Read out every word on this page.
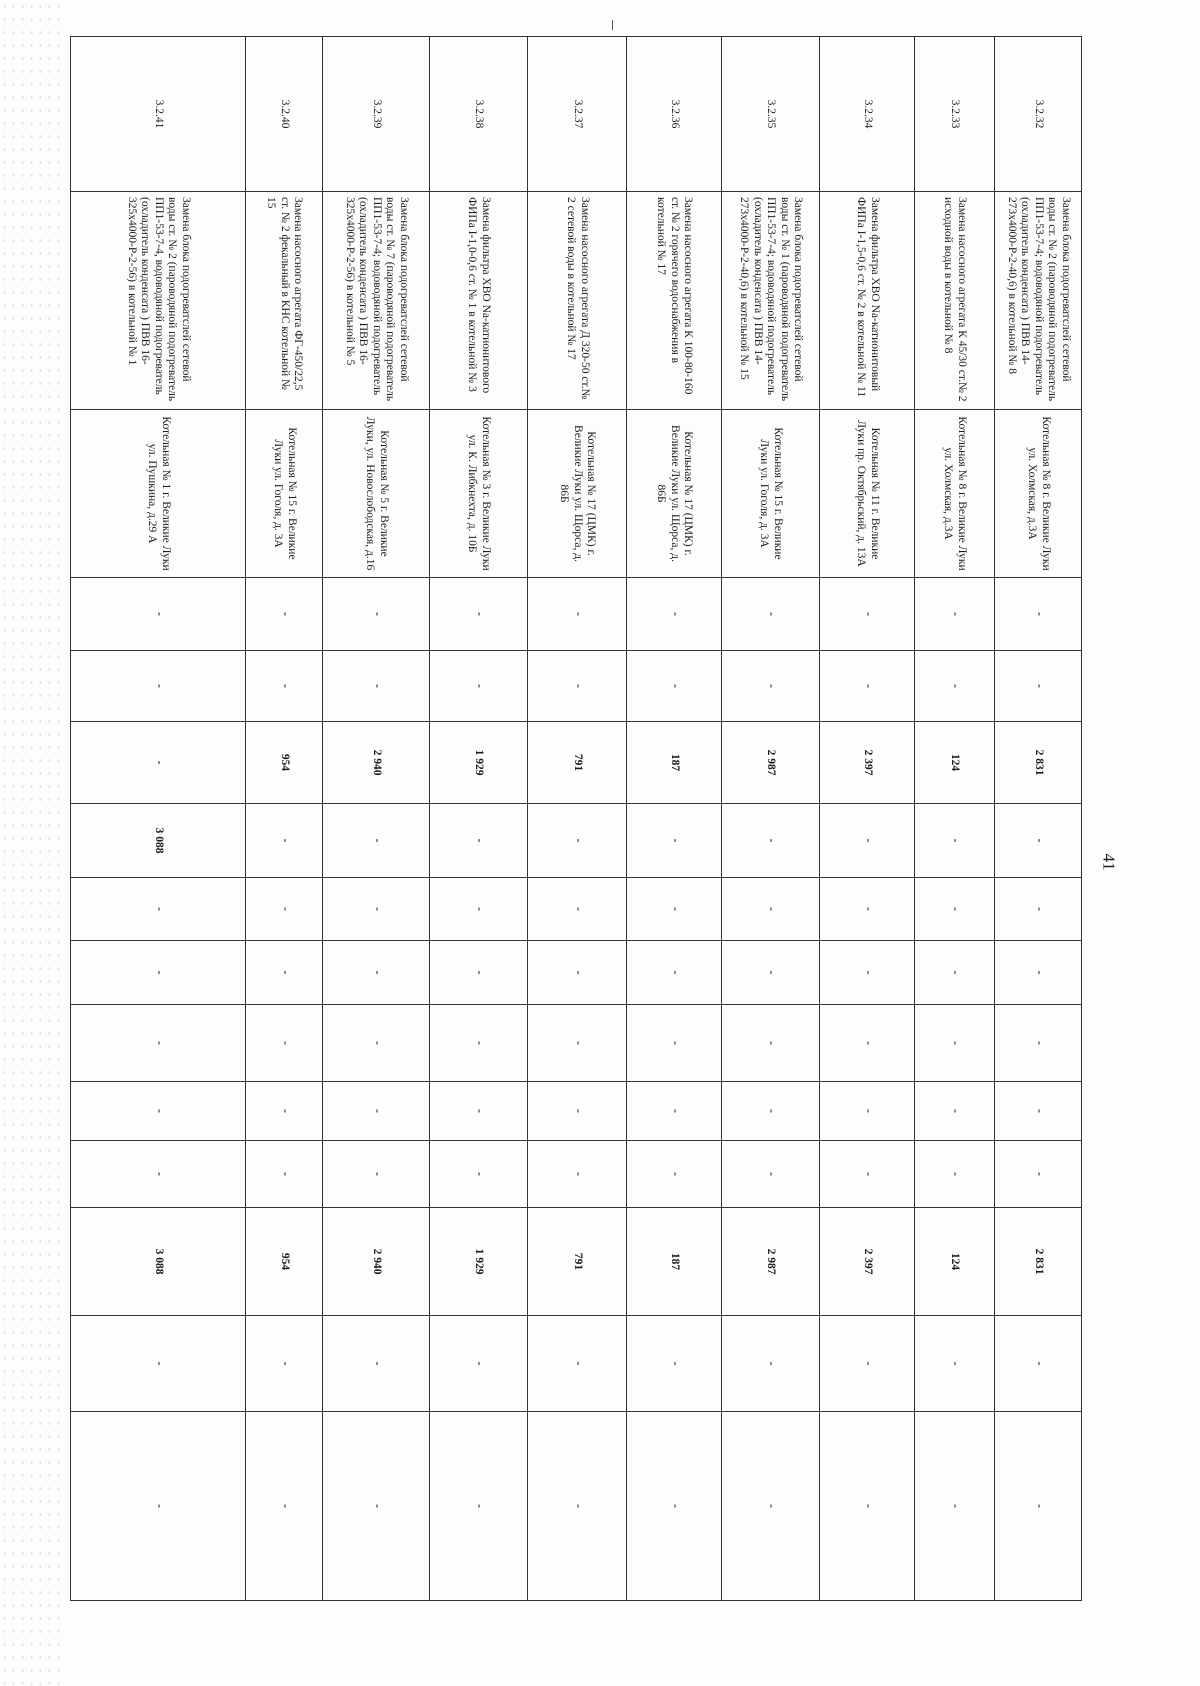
41
3.2.32	Замена блока подогреватслей сетевой воды ст. № 2 (пароводяной подогреватель ПП1-53-7-4; водоводяной подогреватель (охладитель конденсата ) ПВВ 14- 273х4000-Р-2-40,6) в котельной № 8	Котельная № 8 г. Великие Луки ул. Холмская, д.3А	-	-	2 831	-	-	-	-	-	-	2 831	-	-
3.2.33	Замена насосного агрегата К 45/30 ст.№ 2 исходной воды в котельной № 8	Котельная № 8 г. Великие Луки ул. Холмская, д.3А	-	-	124	-	-	-	-	-	-	124	-	-
3.2.34	Замена фильтра ХВО Na-катионитовый ФИПа I-1,5-0,6 ст. № 2 в котельной № 11	Котельная № 11 г. Великие Луки пр. Октябрьский, д. 13А	-	-	2 397	-	-	-	-	-	-	2 397	-	-
3.2.35	Замена блока подогреватслей сетевой воды ст. № 1 (пароводяной подогреватель ПП1-53-7-4; водоводяной подогреватель (охладитель конденсата ) ПВВ 14- 273х4000-Р-2-40,6) в котельной № 15	Котельная № 15 г. Великие Луки ул. Гоголя, д. 3А	-	-	2 987	-	-	-	-	-	-	2 987	-	-
3.2.36	Замена насосного агрегата К 100-80-160 ст. № 2 горячего водоснабжения в котельной № 17	Котельная № 17 (ЦМК) г. Великие Луки ул. Щорса, д. 86Б	-	-	187	-	-	-	-	-	-	187	-	-
3.2.37	Замена насосного агрегата Д 320-50 ст.№ 2 сетевой воды в котельной № 17	Котельная № 17 (ЦМК) г. Великие Луки ул. Щорса, д. 86Б	-	-	791	-	-	-	-	-	-	791	-	-
3.2.38	Замена фильтра ХВО Na-катионитового ФИПа I-1,0-0,6 ст. № 1 в котельной № 3	Котельная № 3 г. Великие Луки ул. К. Либкнехта, д. 10Б	-	-	1 929	-	-	-	-	-	-	1 929	-	-
3.2.39	Замена блока подогреватслей сетевой воды ст. № 7 (пароводяной подогреватель ПП1-53-7-4; водоводяной подогреватель (охладитель конденсата ) ПВВ 16- 325х4000-Р-2-56) в котельной № 5	Котельная № 5 г. Великие Луки, ул. Новослободская, д.16	-	-	2 940	-	-	-	-	-	-	2 940	-	-
3.2.40	Замена насосного агрегата ФГ-450/22,5 ст. № 2 фекальный в КНС котельной № 15	Котельная № 15 г. Великие Луки ул. Гоголя, д. 3А	-	-	954	-	-	-	-	-	-	954	-	-
3.2.41	Замена блока подогреватслей сетевой воды ст. № 2 (пароводяной подогреватель ПП1-53-7-4, водоводяной подогреватель (охладитель конденсата ) ПВВ 16-325х4000-Р-2-56) в котельной № 1	Котельная № 1 г. Великие Луки ул. Пушкина, д.29 А	-	-	-	3 088	-	-	-	-	-	3 088	-	-
